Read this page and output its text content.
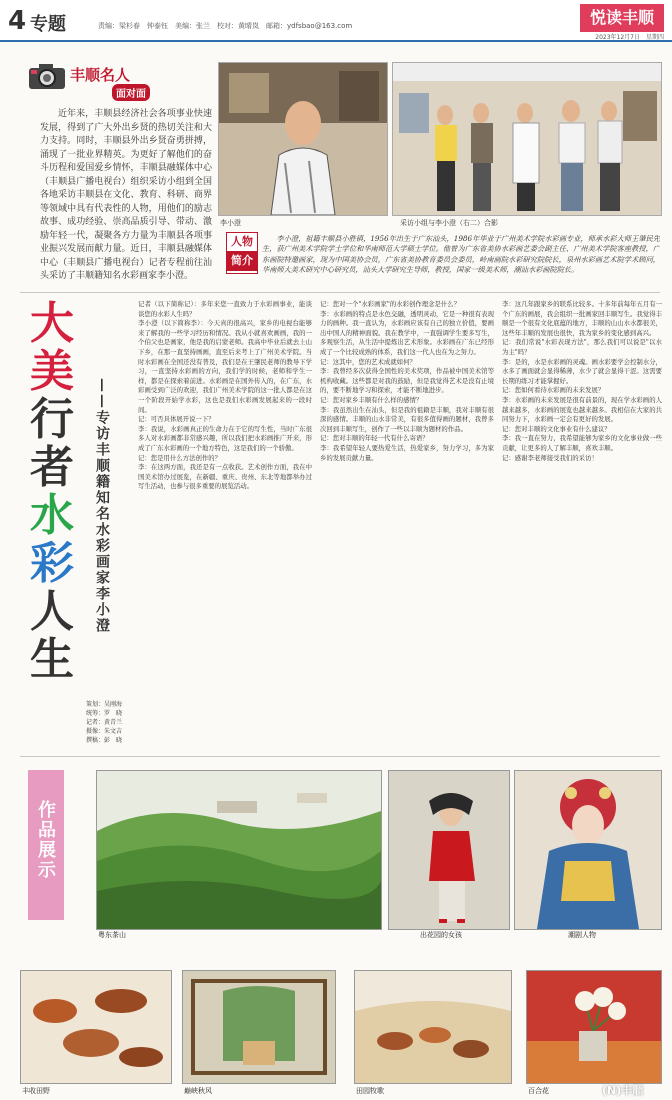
4 专题	责编：梁杉春　钟泰钰　美编：张兰　校对：黄晴岚　邮箱：ydfsbao@163.com	悦读丰顺
2023年12月7日　星期四
丰顺名人
面对面
近年来，丰顺县经济社会各项事业快速发展，得到了广大外出乡贤的热切关注和大力支持。同时，丰顺县外出乡贤奋勇拼搏，涌现了一批业界精英。为更好了解他们的奋斗历程和爱国爱乡情怀，丰顺县融媒体中心（丰顺县广播电视台）组织采访小组到全国各地采访丰顺县在文化、教育、科研、商界等领域中具有代表性的人物，用他们的励志故事、成功经验、崇高品质引导、带动、激励年轻一代，凝聚各方力量为丰顺县各项事业振兴发展而献力量。近日，丰顺县融媒体中心（丰顺县广播电视台）记者专程前往汕头采访了丰顺籍知名水彩画家李小澄。
李小澄	采访小组与李小澄（右二）合影
人物
简介
李小澄，祖籍丰顺县小胜镇，1956年出生于广东汕头，1986年毕业于广州美术学院水彩画专业，师承水彩大师王肇民先生，获广州美术学院学士学位和华南师范大学硕士学位。他曾为广东省美协水彩画艺委会副主任、广州美术学院客座教授，广东画院特邀画家，现为中国美协会员，广东省美协教育委员会委员，岭南画院水彩研究院院长，泉州水彩画艺术院学术顾问，华南师大美术研究中心研究员，汕头大学研究生导师，教授，国家一级美术师，潮汕水彩画院院长。
大
美
行
者
水
彩
人
生
——专访丰顺籍知名水彩画家李小澄
策划：吴刚海
统筹：罗　晓
记者：黄青兰
摄像：朱文吉
撰稿：彭　晓
记者（以下简称记）：多年来您一直致力于水彩画事业，能谈谈您的水彩人生吗？
李小澄（以下简称李）：今天真的很高兴，家乡的电视台能够来了解我的一些学习经历和情况。我从小就喜欢画画，我的一个伯父也是画家，他是我的启蒙老师。我高中毕业后就去上山下乡，在那一直坚持画画，直至后来考上了广州美术学院。当时水彩画在全国还没有普及，我们是在王肇民老师的教导下学习，一直坚持水彩画的方向，我们学的时候，老师和学生一样，都是在探索着前进。水彩画是在国外传入的，在广东，水彩画受到广泛的欢迎，我们广州美术学院的这一批人都是在这一个阶段开始学水彩，这也是我们水彩画发展起来的一段时间。
记：可否具体展开说一下？
李：我说，水彩画真正的生命力在于它的写生性，当时广东很多人对水彩画都非常感兴趣，所以我们把水彩画推广开来，形成了广东水彩画的一个地方特色，这是我们的一个骄傲。
记：您是用什么方法创作的？
李：在这两方面，我还是有一点收获。艺术创作方面，我在中国美术馆办过展览，在新疆、重庆、贵州、东北等地都举办过写生活动，也参与很多重要的展览活动。
记：您对一个"水彩画家"的水彩创作理念是什么？
李：水彩画的特点是水色交融，透明灵动，它是一种很有表现力的画种。我一直认为，水彩画应该有自己的独立价值，要画出中国人的精神面貌。我在教学中，一直强调学生要多写生，多观察生活，从生活中提炼出艺术形象。水彩画在广东已经形成了一个比较成熟的体系，我们这一代人也在为之努力。
记：这其中，您的艺术成就如何？
李：我曾经多次获得全国性的美术奖项，作品被中国美术馆等机构收藏。这些都是对我的鼓励，但是我觉得艺术是没有止境的，要不断地学习和探索，才能不断地进步。
记：您对家乡丰顺有什么样的感情？
李：我虽然出生在汕头，但是我的祖籍是丰顺，我对丰顺有很深的感情。丰顺的山水非常美，有很多值得画的题材，我曾多次回到丰顺写生，创作了一些以丰顺为题材的作品。
记：您对丰顺的年轻一代有什么寄语？
李：我希望年轻人要热爱生活，热爱家乡，努力学习，多为家乡的发展贡献力量。
李：这几年跟家乡的联系比较多。十多年前每年五月有一个广东的画展，我会组织一批画家回丰顺写生。我觉得丰顺是一个很有文化底蕴的地方，丰顺的山山水水都很美，这些年丰顺的发展也很快，我为家乡的变化感到高兴。
记：我们常说"水彩表现方法"，那么我们可以说是"以水为主"吗？
李：是的，水是水彩画的灵魂。画水彩要学会控制水分，水多了画面就会显得稀薄，水少了就会显得干涩。这需要长期的练习才能掌握好。
记：您如何看待水彩画的未来发展？
李：水彩画的未来发展是很有前景的，现在学水彩画的人越来越多，水彩画的展览也越来越多。我相信在大家的共同努力下，水彩画一定会有更好的发展。
记：您对丰顺的文化事业有什么建议？
李：我一直在努力，我希望能够为家乡的文化事业做一些贡献，让更多的人了解丰顺，喜欢丰顺。
记：感谢李老师接受我们的采访！
作品展示
粤东茶山	出花园的女孩	潮剧人物
丰收田野	巅峡秋风	田园牧歌	百合花	(N)丰顺
